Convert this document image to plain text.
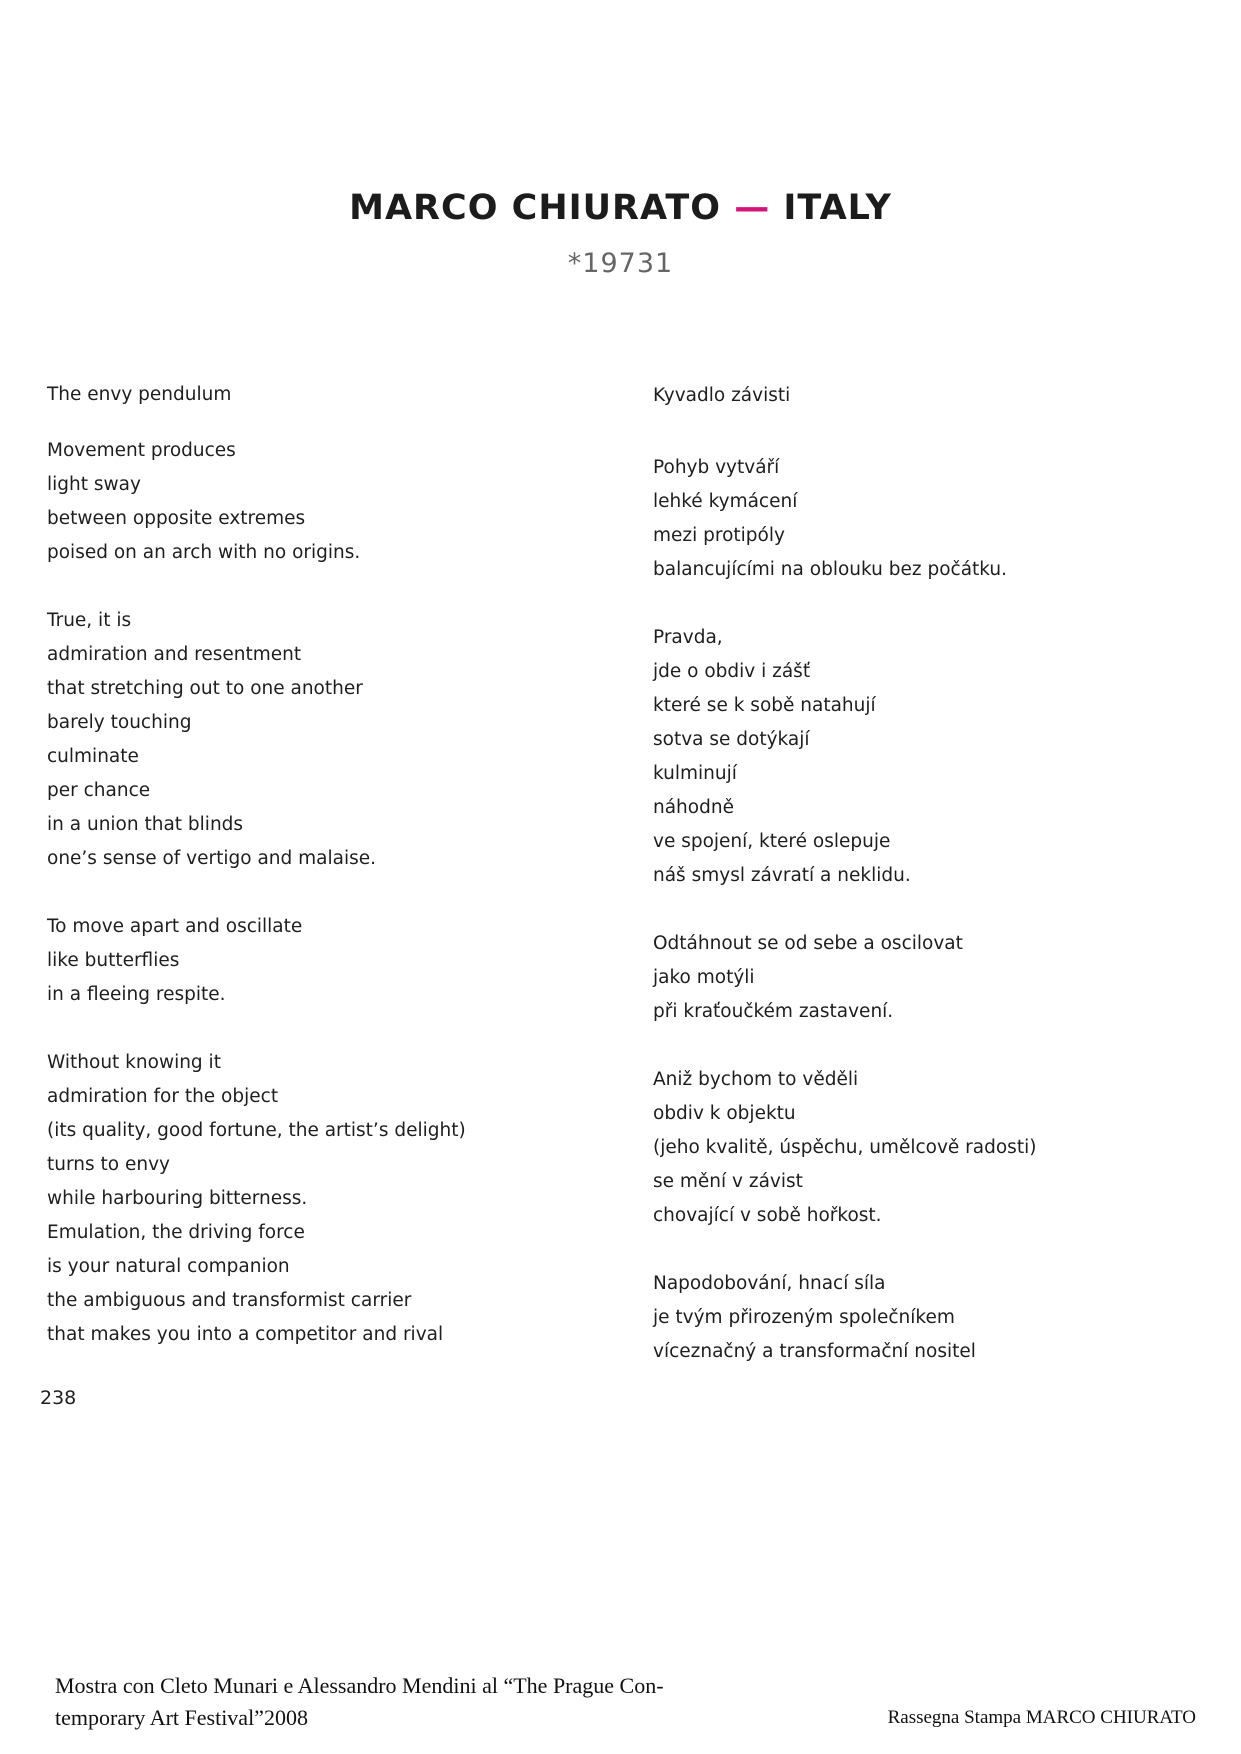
MARCO CHIURATO — ITALY
*19731
The envy pendulum
Movement produces
light sway
between opposite extremes
poised on an arch with no origins.
True, it is
admiration and resentment
that stretching out to one another
barely touching
culminate
per chance
in a union that blinds
one’s sense of vertigo and malaise.
To move apart and oscillate
like butterflies
in a fleeing respite.
Without knowing it
admiration for the object
(its quality, good fortune, the artist’s delight)
turns to envy
while harbouring bitterness.
Emulation, the driving force
is your natural companion
the ambiguous and transformist carrier
that makes you into a competitor and rival
Kyvadlo závisti
Pohyb vytváří
lehké kymácení
mezi protipóly
balancujícími na oblouku bez počátku.
Pravda,
jde o obdiv i zášť
které se k sobě natahují
sotva se dotýkají
kulminují
náhodně
ve spojení, které oslepuje
náš smysl závratí a neklidu.
Odtáhnout se od sebe a oscilovat
jako motýli
při kraťoučkém zastavení.
Aniž bychom to věděli
obdiv k objektu
(jeho kvalitě, úspěchu, umělcově radosti)
se mění v závist
chovající v sobě hořkost.
Napodobování, hnací síla
je tvým přirozeným společníkem
víceznačný a transformační nositel
238
Mostra con Cleto Munari e Alessandro Mendini al “The Prague Con-
temporary Art Festival”2008	Rassegna Stampa MARCO CHIURATO
